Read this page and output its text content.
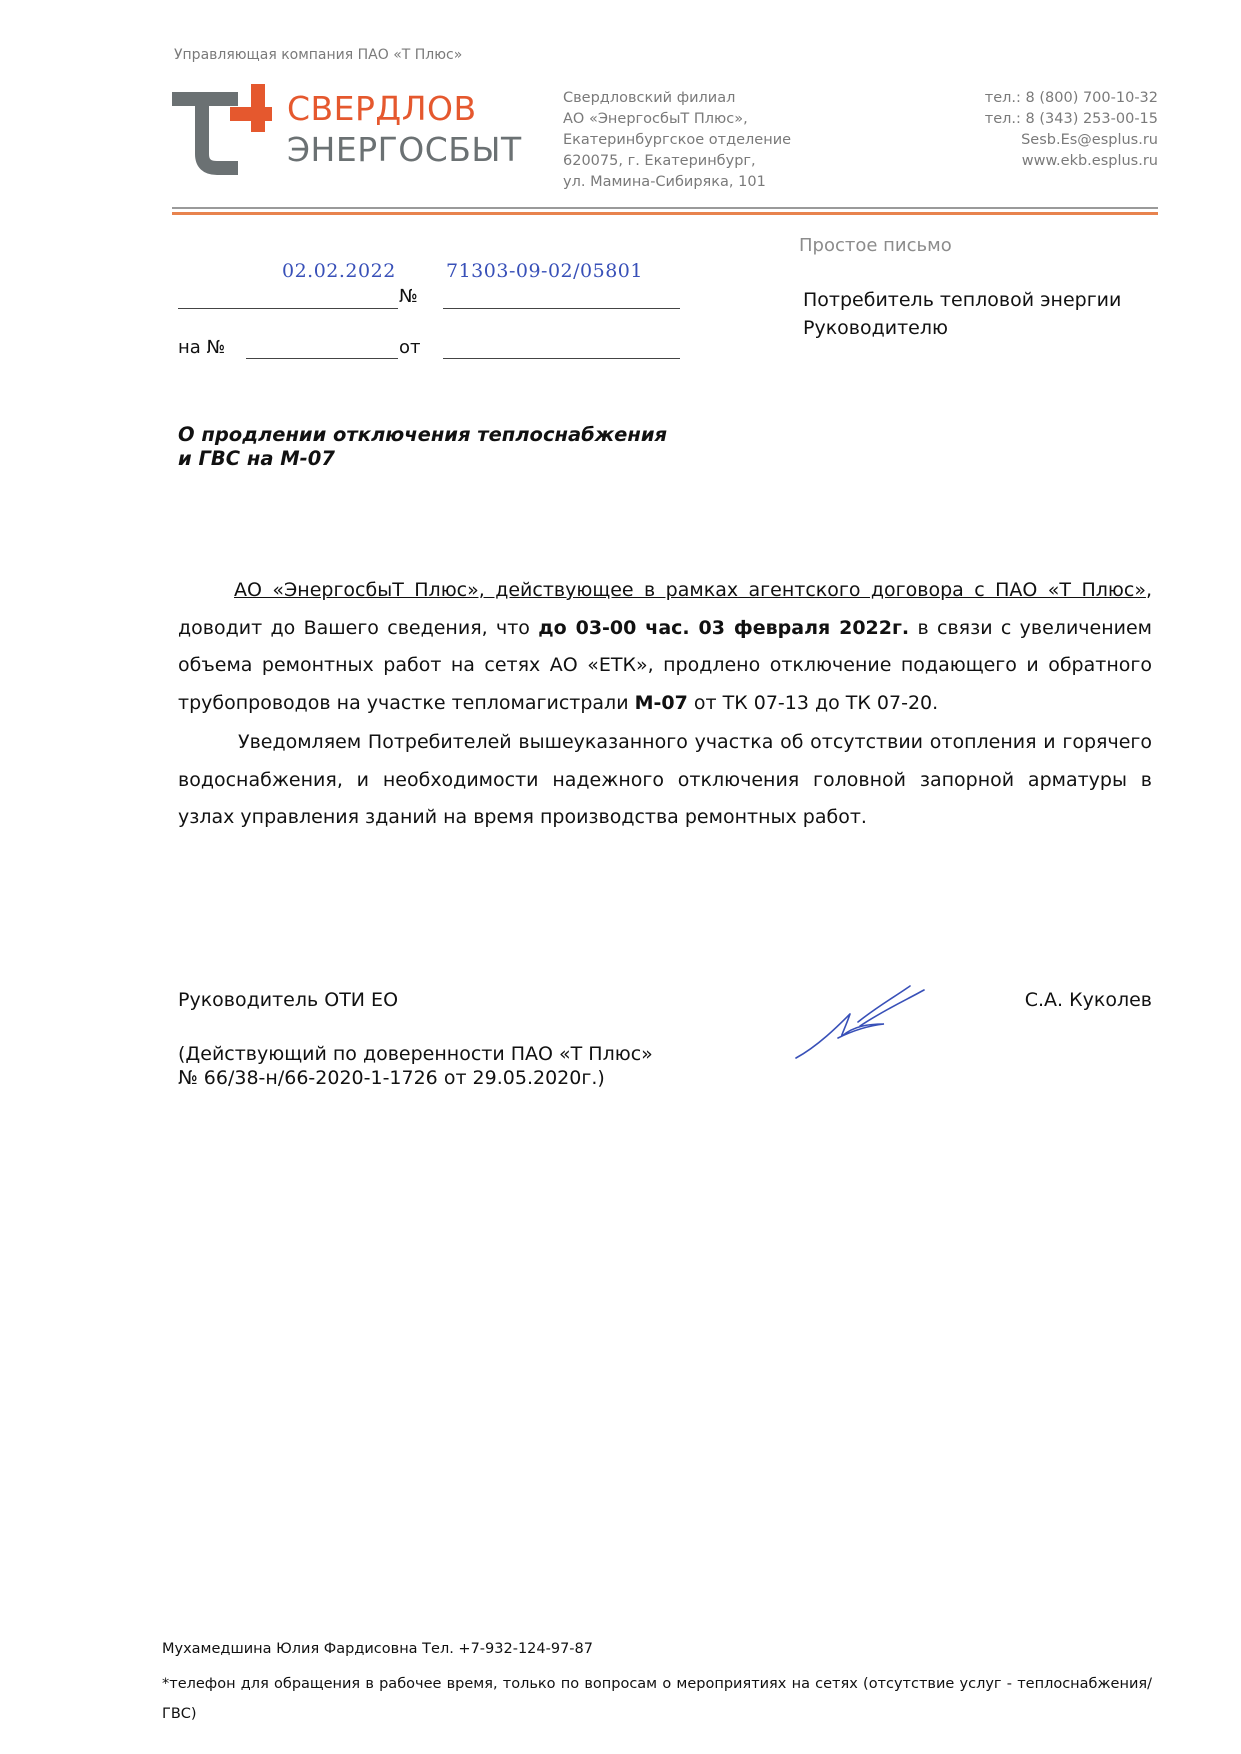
Управляющая компания ПАО «Т Плюс»
СВЕРДЛОВ
ЭНЕРГОСБЫТ
Свердловский филиал
АО «ЭнергосбыТ Плюс»,
Екатеринбургское отделение
620075, г. Екатеринбург,
ул. Мамина-Сибиряка, 101
тел.: 8 (800) 700-10-32
тел.: 8 (343) 253-00-15
Sesb.Es@esplus.ru
www.ekb.esplus.ru
Простое письмо
02.02.2022	71303-09-02/05801
№
на №	от
Потребитель тепловой энергии
Руководителю
О продлении отключения теплоснабжения
и ГВС на М-07

АО «ЭнергосбыТ Плюс», действующее в рамках агентского договора с ПАО «Т Плюс», доводит до Вашего сведения, что до 03-00 час. 03 февраля 2022г. в связи с увеличением объема ремонтных работ на сетях АО «ЕТК», продлено отключение подающего и обратного трубопроводов на участке тепломагистрали М-07 от ТК 07-13 до ТК 07-20.

Уведомляем Потребителей вышеуказанного участка об отсутствии отопления и горячего водоснабжения, и необходимости надежного отключения головной запорной арматуры в узлах управления зданий на время производства ремонтных работ.

Руководитель ОТИ ЕО	С.А. Куколев
(Действующий по доверенности ПАО «Т Плюс»
№ 66/38-н/66-2020-1-1726 от 29.05.2020г.)
Мухамедшина Юлия Фардисовна Тел. +7-932-124-97-87
*телефон для обращения в рабочее время, только по вопросам о мероприятиях на сетях (отсутствие услуг - теплоснабжения/ГВС)
